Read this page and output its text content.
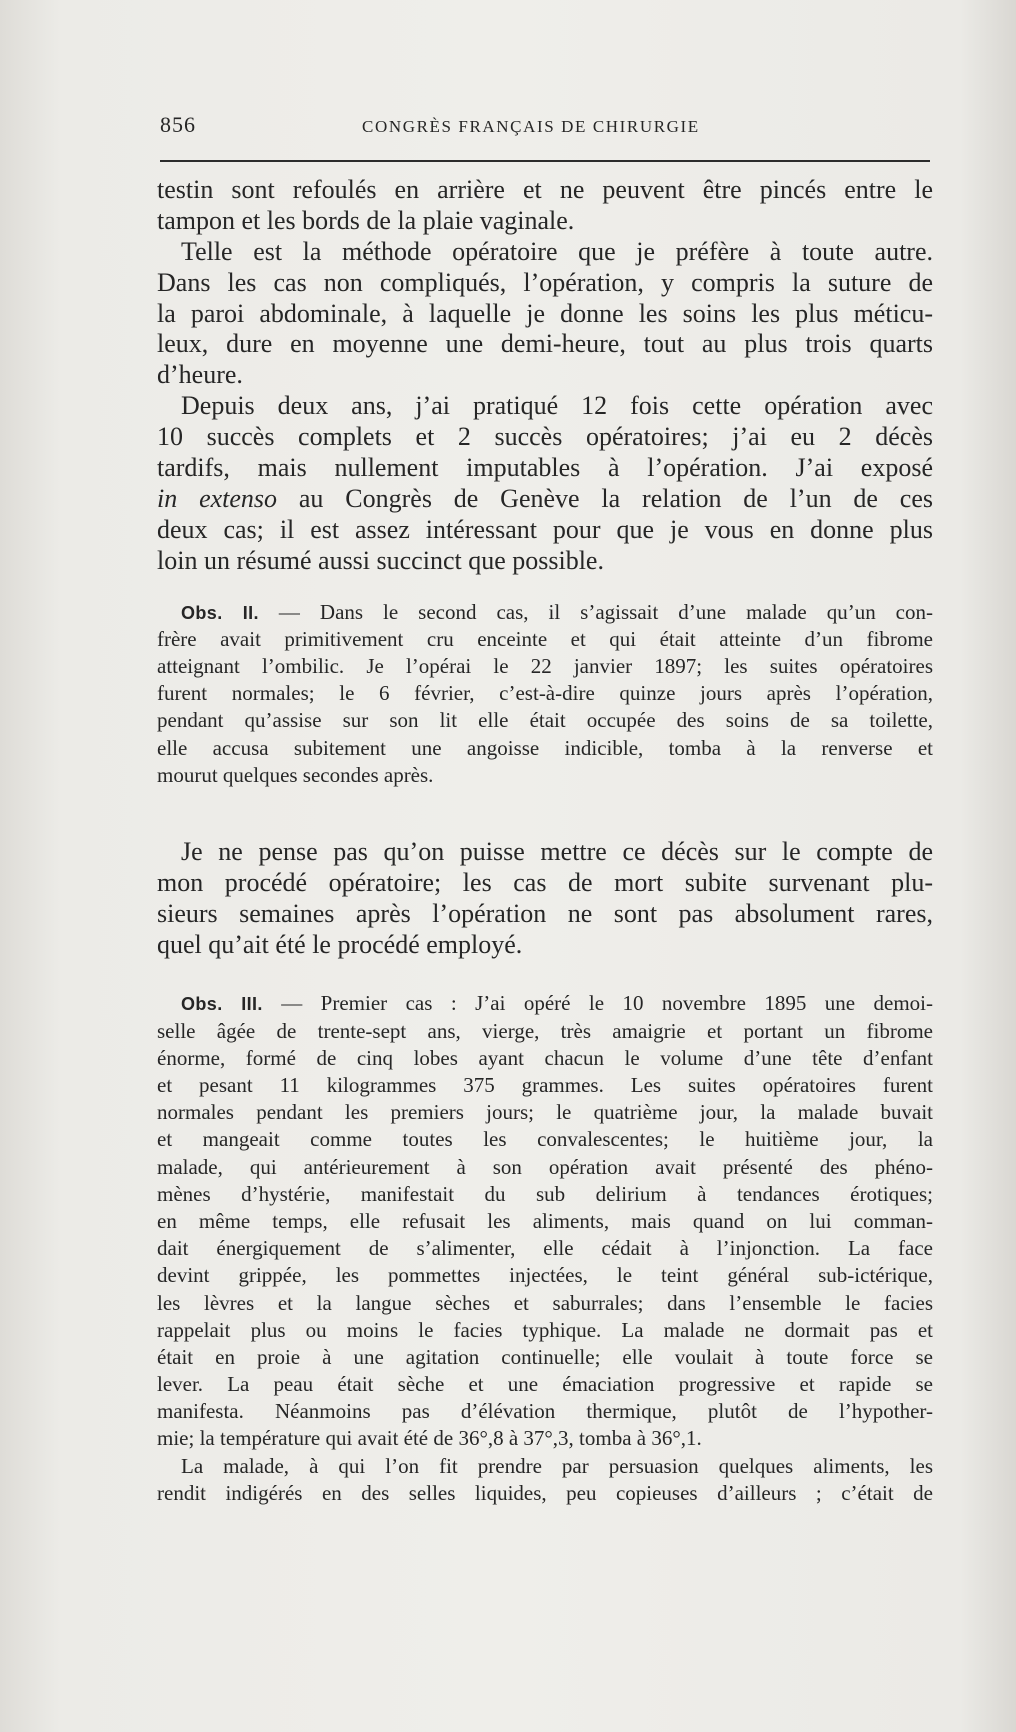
856	CONGRÈS FRANÇAIS DE CHIRURGIE
testin sont refoulés en arrière et ne peuvent être pincés entre le
tampon et les bords de la plaie vaginale.
Telle est la méthode opératoire que je préfère à toute autre.
Dans les cas non compliqués, l’opération, y compris la suture de
la paroi abdominale, à laquelle je donne les soins les plus méticu-
leux, dure en moyenne une demi-heure, tout au plus trois quarts
d’heure.
Depuis deux ans, j’ai pratiqué 12 fois cette opération avec
10 succès complets et 2 succès opératoires; j’ai eu 2 décès
tardifs, mais nullement imputables à l’opération. J’ai exposé
in extenso au Congrès de Genève la relation de l’un de ces
deux cas; il est assez intéressant pour que je vous en donne plus
loin un résumé aussi succinct que possible.
Obs. II. — Dans le second cas, il s’agissait d’une malade qu’un con-
frère avait primitivement cru enceinte et qui était atteinte d’un fibrome
atteignant l’ombilic. Je l’opérai le 22 janvier 1897; les suites opératoires
furent normales; le 6 février, c’est-à-dire quinze jours après l’opération,
pendant qu’assise sur son lit elle était occupée des soins de sa toilette,
elle accusa subitement une angoisse indicible, tomba à la renverse et
mourut quelques secondes après.
Je ne pense pas qu’on puisse mettre ce décès sur le compte de
mon procédé opératoire; les cas de mort subite survenant plu-
sieurs semaines après l’opération ne sont pas absolument rares,
quel qu’ait été le procédé employé.
Obs. III. — Premier cas : J’ai opéré le 10 novembre 1895 une demoi-
selle âgée de trente-sept ans, vierge, très amaigrie et portant un fibrome
énorme, formé de cinq lobes ayant chacun le volume d’une tête d’enfant
et pesant 11 kilogrammes 375 grammes. Les suites opératoires furent
normales pendant les premiers jours; le quatrième jour, la malade buvait
et mangeait comme toutes les convalescentes; le huitième jour, la
malade, qui antérieurement à son opération avait présenté des phéno-
mènes d’hystérie, manifestait du sub delirium à tendances érotiques;
en même temps, elle refusait les aliments, mais quand on lui comman-
dait énergiquement de s’alimenter, elle cédait à l’injonction. La face
devint grippée, les pommettes injectées, le teint général sub-ictérique,
les lèvres et la langue sèches et saburrales; dans l’ensemble le facies
rappelait plus ou moins le facies typhique. La malade ne dormait pas et
était en proie à une agitation continuelle; elle voulait à toute force se
lever. La peau était sèche et une émaciation progressive et rapide se
manifesta. Néanmoins pas d’élévation thermique, plutôt de l’hypother-
mie; la température qui avait été de 36°,8 à 37°,3, tomba à 36°,1.
La malade, à qui l’on fit prendre par persuasion quelques aliments, les
rendit indigérés en des selles liquides, peu copieuses d’ailleurs ; c’était de
